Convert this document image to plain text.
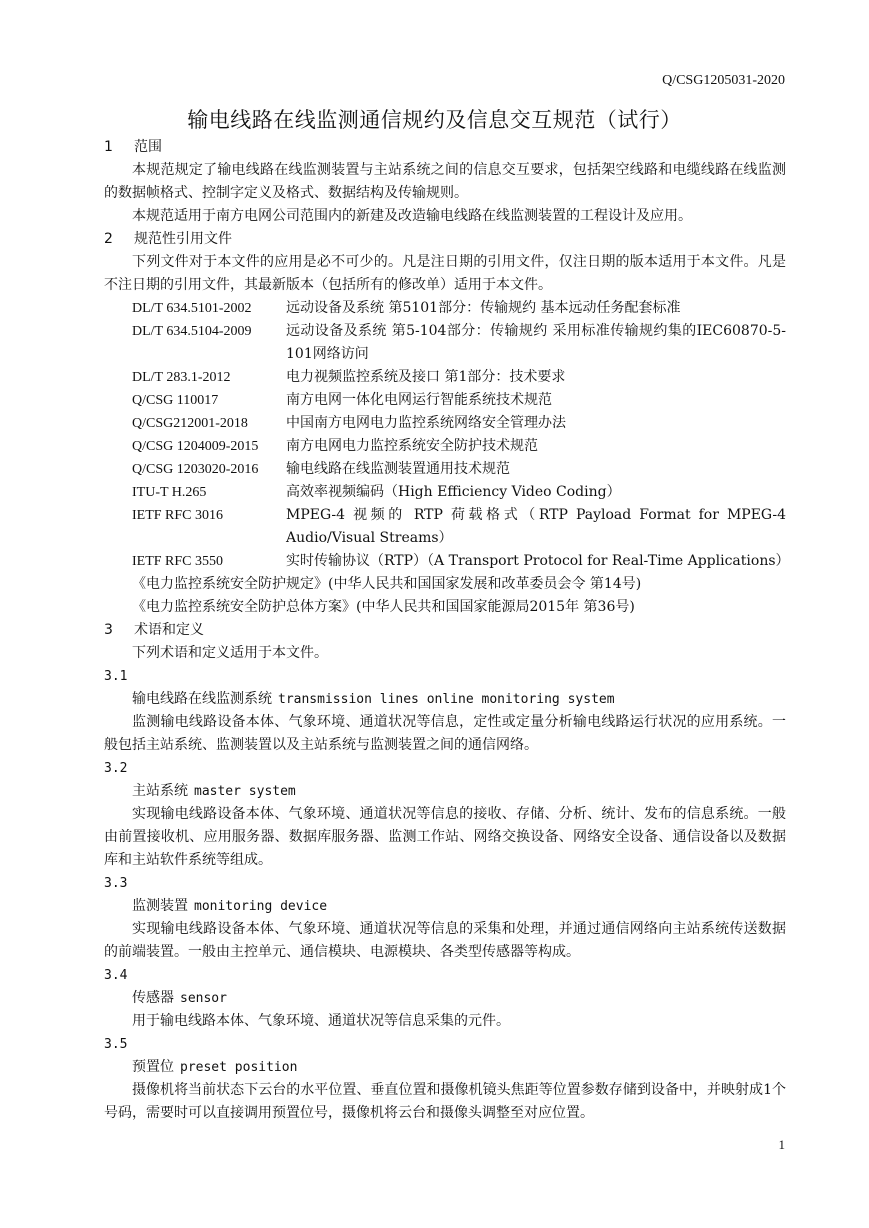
Q/CSG1205031-2020
输电线路在线监测通信规约及信息交互规范（试行）
1	范围

本规范规定了输电线路在线监测装置与主站系统之间的信息交互要求，包括架空线路和电缆线路在线监测的数据帧格式、控制字定义及格式、数据结构及传输规则。

本规范适用于南方电网公司范围内的新建及改造输电线路在线监测装置的工程设计及应用。

2	规范性引用文件

下列文件对于本文件的应用是必不可少的。凡是注日期的引用文件，仅注日期的版本适用于本文件。凡是不注日期的引用文件，其最新版本（包括所有的修改单）适用于本文件。

DL/T 634.5101-2002	远动设备及系统 第5101部分：传输规约 基本远动任务配套标准
DL/T 634.5104-2009	远动设备及系统 第5-104部分：传输规约 采用标准传输规约集的IEC60870-5-101网络访问
DL/T 283.1-2012	电力视频监控系统及接口 第1部分：技术要求
Q/CSG 110017	南方电网一体化电网运行智能系统技术规范
Q/CSG212001-2018	中国南方电网电力监控系统网络安全管理办法
Q/CSG 1204009-2015	南方电网电力监控系统安全防护技术规范
Q/CSG 1203020-2016	输电线路在线监测装置通用技术规范
ITU-T H.265	高效率视频编码（High Efficiency Video Coding）
IETF RFC 3016	MPEG-4 视频的 RTP 荷载格式（RTP Payload Format for MPEG-4 Audio/Visual Streams）
IETF RFC 3550	实时传输协议（RTP）（A Transport Protocol for Real-Time Applications）

《电力监控系统安全防护规定》(中华人民共和国国家发展和改革委员会令 第14号)

《电力监控系统安全防护总体方案》(中华人民共和国国家能源局2015年 第36号)

3	术语和定义

下列术语和定义适用于本文件。

3.1
输电线路在线监测系统 transmission lines online monitoring system

监测输电线路设备本体、气象环境、通道状况等信息，定性或定量分析输电线路运行状况的应用系统。一般包括主站系统、监测装置以及主站系统与监测装置之间的通信网络。

3.2
主站系统 master system

实现输电线路设备本体、气象环境、通道状况等信息的接收、存储、分析、统计、发布的信息系统。一般由前置接收机、应用服务器、数据库服务器、监测工作站、网络交换设备、网络安全设备、通信设备以及数据库和主站软件系统等组成。

3.3
监测装置 monitoring device

实现输电线路设备本体、气象环境、通道状况等信息的采集和处理，并通过通信网络向主站系统传送数据的前端装置。一般由主控单元、通信模块、电源模块、各类型传感器等构成。

3.4
传感器 sensor

用于输电线路本体、气象环境、通道状况等信息采集的元件。

3.5
预置位 preset position

摄像机将当前状态下云台的水平位置、垂直位置和摄像机镜头焦距等位置参数存储到设备中，并映射成1个号码，需要时可以直接调用预置位号，摄像机将云台和摄像头调整至对应位置。

1
